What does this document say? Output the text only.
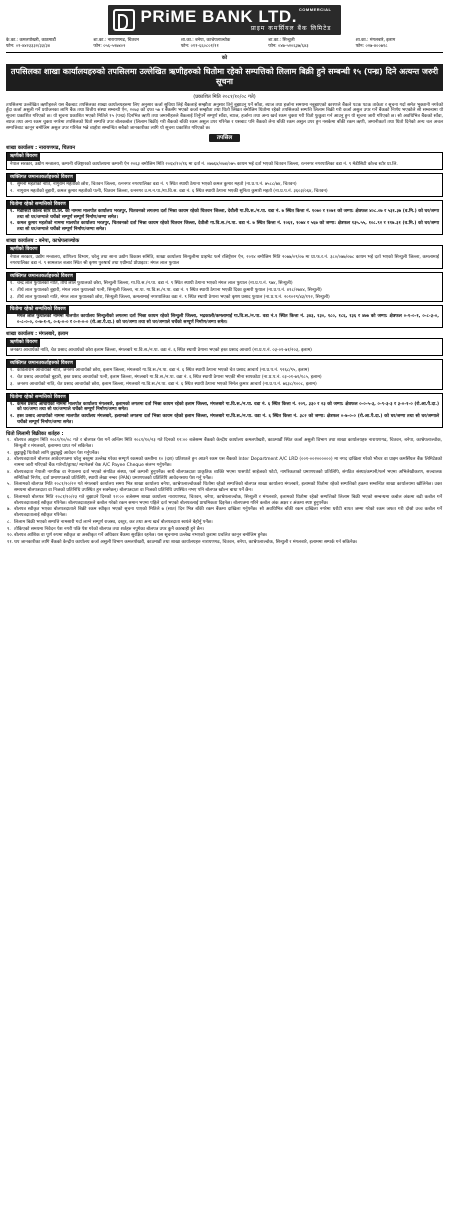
PRiME BANK LTD. $^{COMMERCIAL}$
प्राइम कमर्सियल बैंक लिमिटेड
के.का.: कमलपोखरी, काठमाडौं
फोन: ०१-४४२३३३२/३३/३४
शा.का.: नारायणगढ, चितवन
फोन: ०५६-५२७४०२
शा.का.: बनेपा, काभ्रेपलाञ्चोक
फोन: ०११-६६०८०१/११
शा.का.: सिन्धुली
फोन: ०४७-५२०६३७/६४३
शा.का.: मंगलबारे, इलाम
फोन: ०२७-४००७१८
को
तपसिलका शाखा कार्यालयहरुको तपसिलमा उल्लेखित ऋणीहरुको धितोमा रहेको सम्पत्तिको लिलाम बिक्री हुने सम्बन्धी १५ (पन्ध्र) दिने अत्यन्त जरुरी सूचना
(प्रकाशित मिति २०८१/१०/०८ गते)
तपसिलमा उल्लेखित ऋणीहरुले यस बैंकबाट तपसिलका शाखा कार्यालयहरुमा लिए अनुसार कर्जा सुविधा लिई बैंकलाई सम्झौता अनुसार तिर्नु बुझाउनु पर्ने साँवा, ब्याज तथा हर्जाना समयमा नबुझाएको कारणले बैंकले पटक पटक ताकेता र सूचना गर्दा समेत भुक्तानी नगरेको हुँदा कर्जा असुली गर्ने प्रयोजनका लागि बैंक तथा वित्तीय संस्था सम्बन्धी ऐन, २०७३ को दफा ५७ र बैंकसँग भएको कर्जा सम्झौता तथा धितो लिखत बमोजिम धितोमा रहेको तपसिलको सम्पत्ति लिलाम बिक्री गरी कर्जा असुल उपर गर्ने बैंकको निर्णय भएकोले सो सम्बन्धमा यो सूचना प्रकाशित गरिएको छ। यो सूचना प्रकाशित भएको मितिले १५ (पन्ध्र) दिनभित्र ऋणी तथा जमानीहरुले बैंकलाई तिर्नुपर्ने सम्पूर्ण साँवा, ब्याज, हर्जाना तथा अन्य खर्च रकम चुक्ता गरी धितो फुकुवा गर्न आउनु हुन यो सूचना जारी गरिएको छ। सो अवधिभित्र बैंकको साँवा, ब्याज तथा अन्य रकम चुक्ता नगरेमा तपसिलको धितो सम्पत्ति उपर बोलकबोल (लिलाम बिक्री) गरी बैंकको बाँकी रकम असुल उपर गरिनेछ र यसबाट पनि बैंकको लेना बाँकी रकम असुल उपर हुन नसकेमा बाँकी रकम ऋणी, जमानीकर्ता तथा धितो दिनेको अन्य चल अचल सम्पत्तिबाट कानून बमोजिम असुल उपर गरिनेछ भन्ने व्यहोरा सम्बन्धित सबैको जानकारीका लागि यो सूचना प्रकाशित गरिएको छ।
तपसिल
शाखा कार्यालय : नारायणगढ, चितवन
ऋणीको विवरण
नेपाल सरकार, उद्योग मन्त्रालय, कम्पनी रजिष्ट्रारको कार्यालयमा कम्पनी ऐन २०६३ बमोजिम मिति २०६४/१०/१६ मा दर्ता नं. ०७७६४/०७४/०७५ कायम भई दर्ता भएको चितवन जिल्ला, रत्ननगर नगरपालिका वडा नं. ९ मेडीसिटी कोल्ड स्टोर प्रा.लि.
व्यक्तिगत जमानतकर्ताहरुको विवरण
१. सुमनी महतोको नाति, नागुराम महतोको छोरा, चितवन जिल्ला, रत्ननगर नगरपालिका वडा नं. ९ स्थित स्थायी ठेगाना भएको कमल कुमार महतो (ना.प्र.प.नं. ७५८८/७४, चितवन)
२. नागुराम महतोको बुहारी, कमल कुमार महतोको पत्नी, चितवन जिल्ला, रत्ननगर उ.म.न.पा./गा.वि.स. वडा नं. ६ स्थित स्थायी ठेगाना भएकी सुनिता कुमारी महतो (ना.प्र.प.नं. ३६०३/०६४, चितवन)
धितोमा रहेको सम्पत्तिको विवरण
१. मेडीसिटी कोल्ड स्टोर प्रा.लि. को नाममा मालपोत कार्यालय भरतपुर, चितवनको लगतमा दर्ता भिस्रा कायम रहेको चितवन जिल्ला, देवौली गा.वि.स./न.पा. वडा नं. ७ स्थित कित्ता नं. १०७० र १०७१ को जग्गा: क्षेत्रफल ४०८.०७ र ५३१.३७ (व.मि.) को घर/जग्गा तथा सो घर/जग्गाले चर्चेको सम्पूर्ण सम्पूर्ण निर्माण/जग्गा समेत।
२. कमल कुमार महतोको नाममा मालपोत कार्यालय भरतपुर, चितवनको दर्ता भिस्रा कायम रहेको चितवन जिल्ला, देवौली गा.वि.स./न.पा. वडा नं. ७ स्थित कित्ता नं. १०६१, १०७४ र ५६७ को जग्गा: क्षेत्रफल १३५.५५, १०८.९२ र ११७.३१ (व.मि.) को घर/जग्गा तथा सो घर/जग्गाले चर्चेको सम्पूर्ण निर्माण/जग्गा समेत।
शाखा कार्यालय : बनेपा, काभ्रेपलाञ्चोक
ऋणीको विवरण
नेपाल सरकार, उद्योग मन्त्रालय, वाणिज्य विभाग, घरेलु तथा साना उद्योग विकास समिति, शाखा कार्यालय सिन्धुलीमा प्राइभेट फर्म रजिष्ट्रेशन ऐन, २०१४ बमोजिम मिति २०७७/०९/०७ मा प्रा.फ.र.नं. ३८०/०७७/०७८ कायम भई दर्ता भएको सिन्धुली जिल्ला, कमलामाई नगरपालिका वडा नं. ९ सामलाल बजार स्थित श्री कृष्ण पुरुषार्थ तथा एग्रीमार्ट प्रोप्राइटर: मंगल लाल फुयाल
व्यक्तिगत जमानतकर्ताहरुको विवरण
१. चन्द्र लाल फुयालको नाति, तीर्थ लाल फुयालको छोरा, सिन्धुली जिल्ला, गा.वि.स./न.पा. वडा नं. ९ स्थित स्थायी ठेगाना भएको मंगल लाल फुयाल (ना.प्र.प.नं. ९७४, सिन्धुली)
२. तीर्थ लाल फुयालको बुहारी, मंगल लाल फुयालको पत्नी, सिन्धुली जिल्ला, ना.पा. गा.वि.स./न.पा. वडा नं. ९ स्थित स्थायी ठेगाना भएकी दिका कुमारी फुयाल (ना.प्र.प.नं. ४१८/२७४४, सिन्धुली)
३. तीर्थ लाल फुयालको नाति, मंगल लाल फुयालको छोरा, सिन्धुली जिल्ला, कमलामाई नगरपालिका वडा नं. ९ स्थित स्थायी ठेगाना भएको कृष्ण प्रसाद फुयाल (ना.प्र.प.नं. २०१०२९/४३/१९२, सिन्धुली)
धितोमा रहेको सम्पत्तिको विवरण
मंगल लाल फुयालको नाममा मालपोत कार्यालय सिन्धुलीको लगतमा दर्ता भिस्रा कायम रहेको सिन्धुली जिल्ला, भद्रकाली/कमलामाई गा.वि.स./न.पा. वडा नं.१ स्थित कित्ता नं. ३४३, १३०, १८०, १८६, १३६ र ४७७ को जग्गा: क्षेत्रफल ०-१-०-१, ०-८-३-०, ०-८-०-०, ०-७-१-१, ०-६-०-० र ०-२-०-० (रो.आ.पै.दा.) को घर/जग्गा तथा सो घर/जग्गाले चर्चेको सम्पूर्ण निर्माण/जग्गा समेत।
शाखा कार्यालय : मंगलबारे, इलाम
ऋणीको विवरण
जनकप आचार्यको नाति, चेत प्रसाद आचार्यको छोरा इलाम जिल्ला, मंगलबारे गा.वि.स./न.पा. वडा नं. ६ स्थित स्थायी ठेगाना भएको हस्त प्रसाद आचार्य (ना.प्र.प.नं. ०३-०१-७१/२०३, इलाम)
व्यक्तिगत जमानतकर्ताहरुको विवरण
१. कविलाराम आचार्यको नाति, जनरुप आचार्यको छोरा, इलाम जिल्ला, मंगलबारे गा.वि.स./न.पा. वडा नं. ६ स्थित स्थायी ठेगाना भएको चेत प्रसाद आचार्य (ना.प्र.प.नं. ९२६८/९५, इलाम)
२. चेत प्रसाद आचार्यको बुहारी, हस्त प्रसाद आचार्यको पत्नी, इलाम जिल्ला, मंगलबारे गा.वि.स./न.पा. वडा नं. ६ स्थित स्थायी ठेगाना भएकी मीना सापकोटा (ना.प्र.प.नं. ०३-०१-७१/१८५, इलाम)
३. जनरुप आचार्यको नाति, चेत प्रसाद आचार्यको छोरा, इलाम जिल्ला, मंगलबारे गा.वि.स./न.पा. वडा नं. ६ स्थित स्थायी ठेगाना भएको निर्मल कुमार आचार्य (ना.प्र.प.नं. ७६३८/१००८, इलाम)
धितोमा रहेको सम्पत्तिको विवरण
१. कमल प्रसाद आचार्यको नाममा मालपोत कार्यालय मंगलबारे, इलामको लगतमा दर्ता भिस्रा कायम रहेको इलाम जिल्ला, मंगलबारे गा.वि.स./न.पा. वडा नं. ६ स्थित कित्ता नं. २०९, ३३० र २३ को जग्गा: क्षेत्रफल ०-०-५-३, ०-९-३-३ र ३-०-१-० (रो.आ.पै.दा.) को घर/जग्गा तथा सो घर/जग्गाले चर्चेको सम्पूर्ण निर्माण/जग्गा समेत।
२. हस्त प्रसाद आचार्यको नाममा मालपोत कार्यालय मंगलबारे, इलामको लगतमा दर्ता भिस्रा कायम रहेको इलाम जिल्ला, मंगलबारे गा.वि.स./न.पा. वडा नं. ६ स्थित कित्ता नं. ३८२ को जग्गा: क्षेत्रफल ०-७-०-० (रो.आ.पै.दा.) को घर/जग्गा तथा सो घर/जग्गाले चर्चेको सम्पूर्ण निर्माण/जग्गा समेत।
धितो लिलामी बिक्रीका शर्तहरु :
१. बोलपत्र आह्वान मिति २०८१/१०/०८ गते र बोलपत्र पेश गर्ने अन्तिम मिति २०८१/१०/२३ गते दिनको १२:०० बजेसम्म बैंकको केन्द्रीय कार्यालय कमलपोखरी, काठमाडौं स्थित कर्जा असुली विभाग तथा शाखा कार्यालयहरु नारायणगढ, चितवन, बनेपा, काभ्रेपलाञ्चोक, सिन्धुली र मंगलबारे, इलाममा प्राप्त गर्न सकिनेछ।
२. छुट्टाछुट्टै धितोको लागि छुट्टाछुट्टै आवेदन पेश गर्नुपर्नेछ।
३. बोलपत्रदाताले बोलपत्र आवेदनपत्रमा घरेलु बस्तुमा उल्लेख गरेका सम्पूर्ण रकमको कम्तीमा १० (दश) प्रतिशतले हुन आउने रकम यस बैंकको Inter Department A/C LRD (००१-००२००००००) मा नगद दाखिला गरेको भौचर वा प्राइम कमर्सियल बैंक लिमिटेडको नाममा जारी गरिएको बैंक गारेन्टी/ड्राफ्ट/ म्यानेजर्स चेक A/C Payee Cheque संलग्न गर्नुपर्नेछ।
४. बोलपत्रदाता नेपाली नागरिक वा नेपालमा दर्ता भएको संगठित संस्था, फर्म कम्पनी हुनुपर्नेछ। साथै बोलपत्रदाता प्राकृतिक व्यक्ति भएमा पासपोर्ट साईजको फोटो, नागरिकताको प्रमाणपत्रको प्रतिलिपि, संगठित संस्था/कम्पनी/फर्म भएमा अभिलेखीकरण, सञ्चालक समितिको निर्णय, दर्ता प्रमाणपत्रको प्रतिलिपि, स्थायी लेखा नम्बर (PAN) प्रमाणपत्रको प्रतिलिपि आवेदनसाथ पेश गर्नु पर्नेछ।
५. लिलामको बोलपत्र मिति २०८१/१०/२२ गते मंगलबारे कार्यालय समय भित्र शाखा कार्यालय बनेपा, काभ्रेपलाञ्चोकको धितोमा रहेको सम्पत्तिको बोलपत्र शाखा कार्यालय मंगलबारे, इलामको धितोमा रहेको सम्पत्तिको हकमा सम्बन्धित शाखा कार्यालयमा खोलिनेछ। उक्त समयमा बोलपत्रदाता वा निजको प्रतिनिधि उपस्थित हुन सक्नेछन्। बोलपत्रदाता वा निजको प्रतिनिधि उपस्थित नभए पनि बोलपत्र खोल्न बाधा पर्ने छैन।
६. लिलामको बोलपत्र मिति २०८१/१०/२३ गते बुझाउने दिनको १२:०० बजेसम्म शाखा कार्यालय नारायणगढ, चितवन, बनेपा, काभ्रेपलाञ्चोक, सिन्धुली र मंगलबारे, इलामको धितोमा रहेको सम्पत्तिको लिलाम बिक्री भएको सम्बन्धमा कबोल अंकमा बढी कबोल गर्ने बोलपत्रदातालाई स्वीकृत गरिनेछ। बोलपत्रदाताहरुले कबोल गरेको रकम समान भएमा पहिले दर्ता भएको बोलपत्रलाई प्राथमिकता दिइनेछ। बोलपत्रमा गरिने कबोल अंक अक्षर र अंकमा स्पष्ट हुनुपर्नेछ।
७. बोलपत्र स्वीकृत भएका बोलपत्रदाताले बिक्री रकम स्वीकृत भएको सूचना पाएको मितिले ७ (सात) दिन भित्र बाँकी रकम बैंकमा दाखिला गर्नुपर्नेछ। सो अवधिभित्र बाँकी रकम दाखिला नगरेमा धरौटी बापत जम्मा गरेको रकम जफत गरी दोस्रो उच्च कबोल गर्ने बोलपत्रदातालाई स्वीकृत गरिनेछ।
८. लिलाम बिक्री भएको सम्पत्ति नामसारी गर्दा लाग्ने सम्पूर्ण राजस्व, दस्तुर, कर तथा अन्य खर्च बोलपत्रदाता स्वयंले बेहोर्नु पर्नेछ।
९. तोकिएको समयमा निवेदन पेश नगरी पछि पेश गरेको बोलपत्र तथा शर्तहरु नपुगेका बोलपत्र उपर कुनै कारबाही हुने छैन।
१०. बोलपत्र आंशिक वा पूर्ण रुपमा स्वीकृत वा अस्वीकृत गर्ने अधिकार बैंकमा सुरक्षित रहनेछ। यस सूचनामा उल्लेख नभएको कुरामा प्रचलित कानून बमोजिम हुनेछ।
११. थप जानकारीका लागि बैंकको केन्द्रीय कार्यालय कर्जा असुली विभाग कमलपोखरी, काठमाडौं तथा शाखा कार्यालयहरु नारायणगढ, चितवन, बनेपा, काभ्रेपलाञ्चोक, सिन्धुली र मंगलबारे, इलाममा सम्पर्क गर्न सकिनेछ।
